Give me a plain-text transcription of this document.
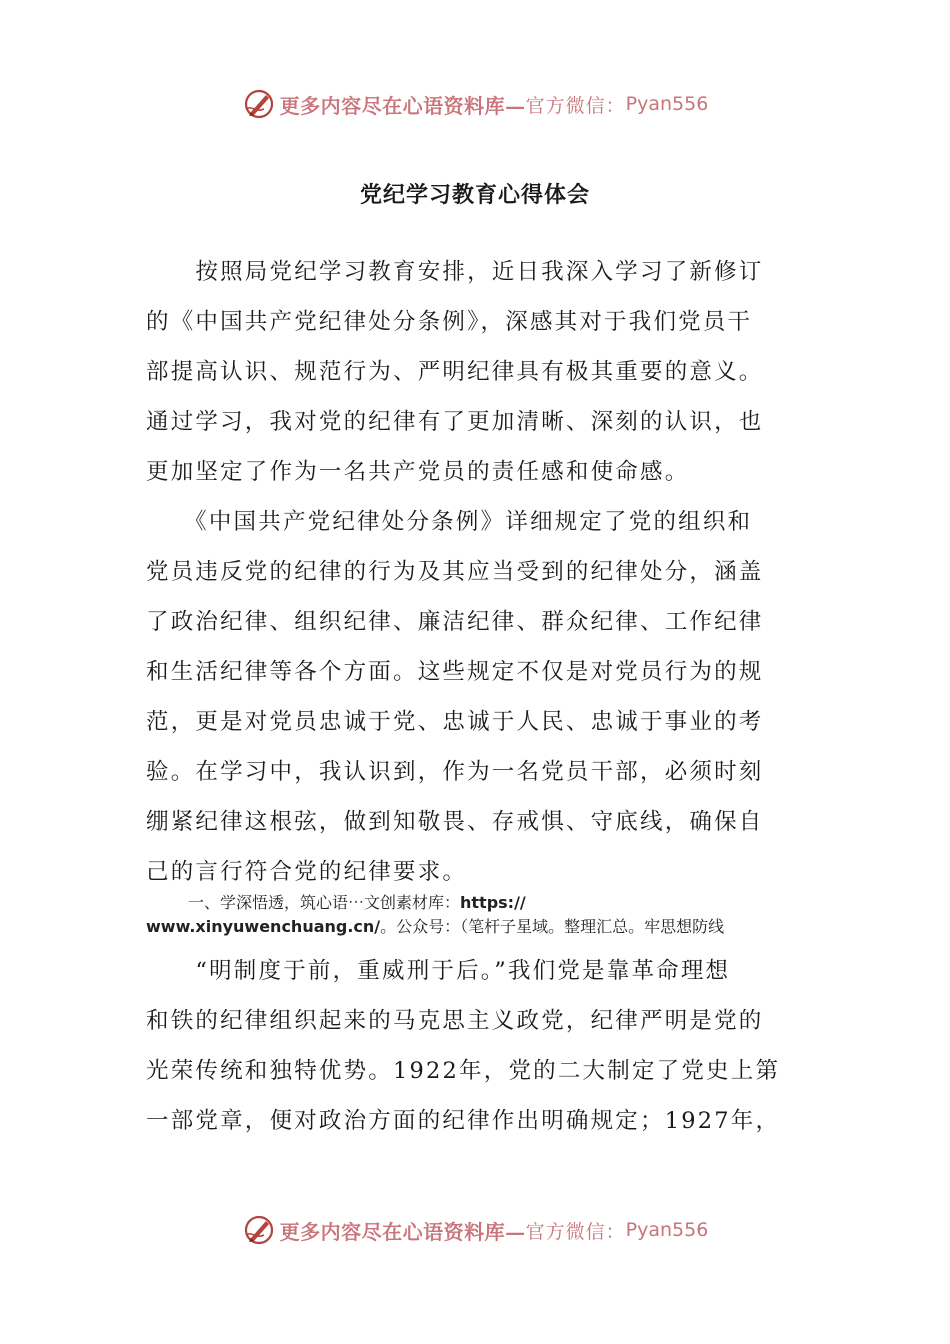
更多内容尽在心语资料库— 官方微信： Pyan556
党纪学习教育心得体会
　　按照局党纪学习教育安排，近日我深入学习了新修订
的《中国共产党纪律处分条例》，深感其对于我们党员干
部提高认识、规范行为、严明纪律具有极其重要的意义。
通过学习，我对党的纪律有了更加清晰、深刻的认识，也
更加坚定了作为一名共产党员的责任感和使命感。
　　《中国共产党纪律处分条例》详细规定了党的组织和
党员违反党的纪律的行为及其应当受到的纪律处分，涵盖
了政治纪律、组织纪律、廉洁纪律、群众纪律、工作纪律
和生活纪律等各个方面。这些规定不仅是对党员行为的规
范，更是对党员忠诚于党、忠诚于人民、忠诚于事业的考
验。在学习中，我认识到，作为一名党员干部，必须时刻
绷紧纪律这根弦，做到知敬畏、存戒惧、守底线，确保自
己的言行符合党的纪律要求。
一、学深悟透，筑心语⋯文创素材库：https://
www.xinyuwenchuang.cn/。公众号：（笔杆子星域。整理汇总。牢思想防线
　　“明制度于前，重威刑于后。”我们党是靠革命理想
和铁的纪律组织起来的马克思主义政党，纪律严明是党的
光荣传统和独特优势。1922年，党的二大制定了党史上第
一部党章，便对政治方面的纪律作出明确规定；1927年，
更多内容尽在心语资料库— 官方微信： Pyan556
